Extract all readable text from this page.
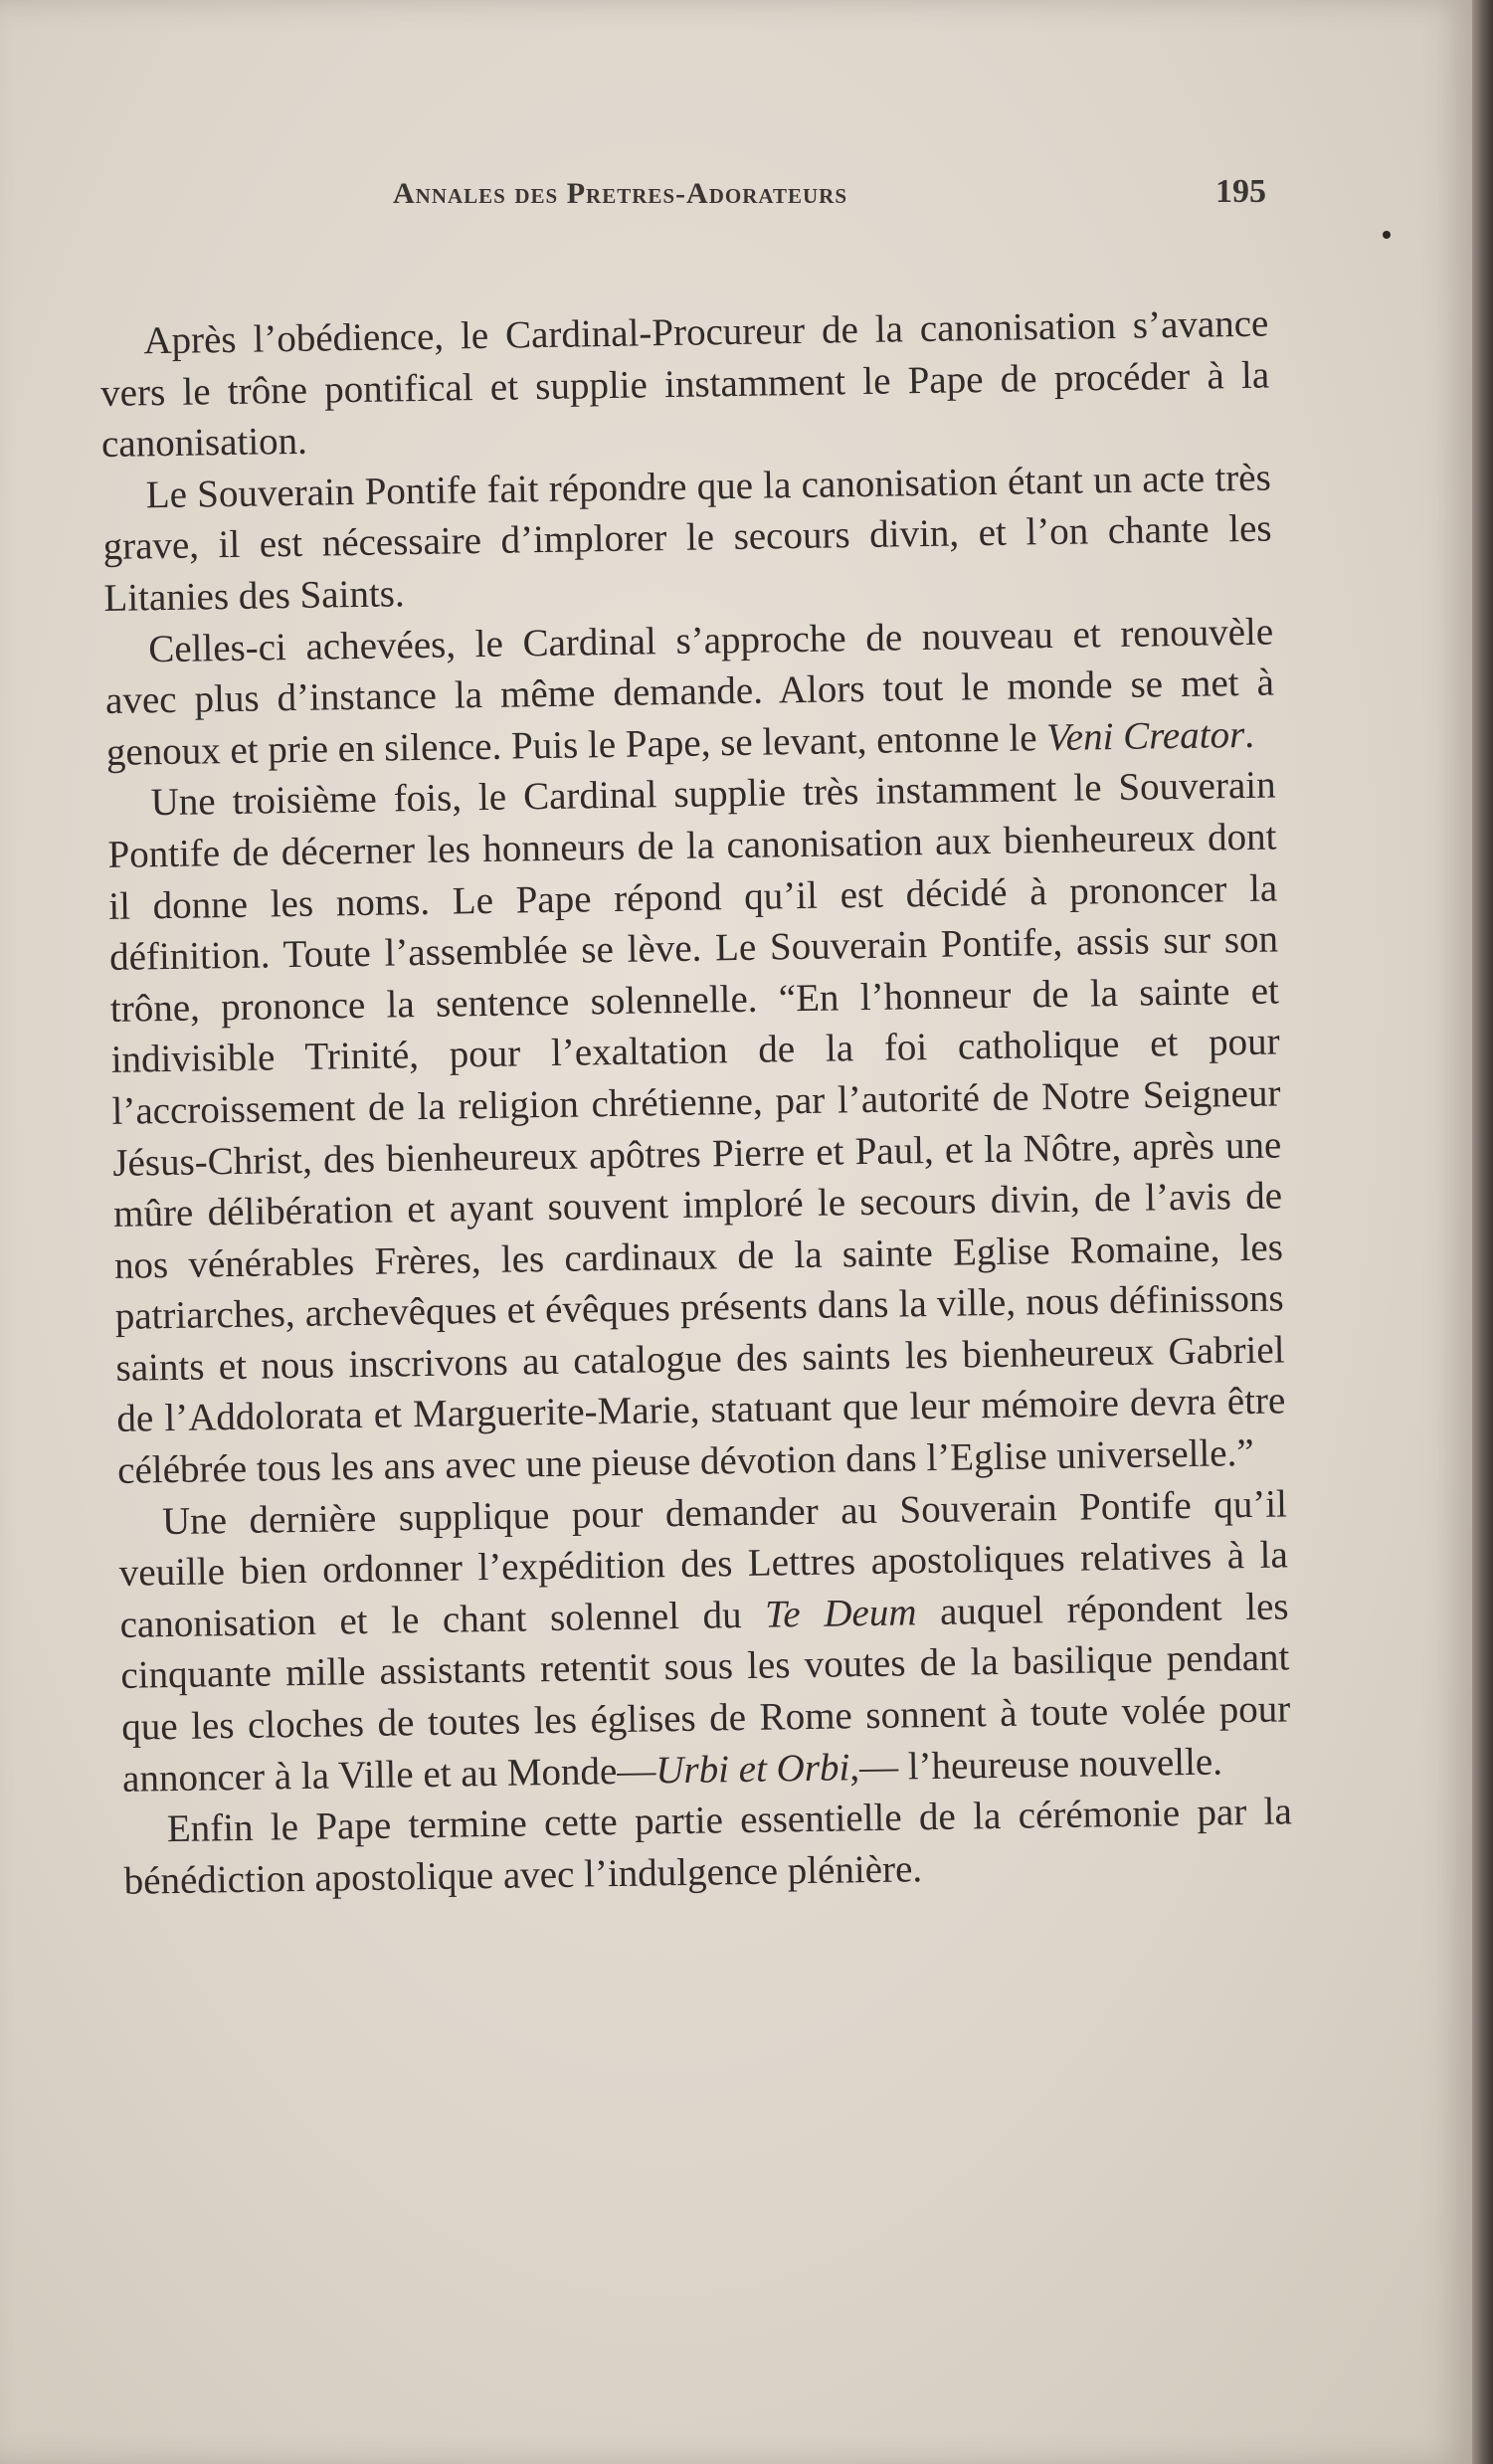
Annales des Pretres-Adorateurs	195

Après l’obédience, le Cardinal-Procureur de la canonisation s’avance vers le trône pontifical et supplie instamment le Pape de procéder à la canonisation.

Le Souverain Pontife fait répondre que la canonisation étant un acte très grave, il est nécessaire d’implorer le secours divin, et l’on chante les Litanies des Saints.

Celles-ci achevées, le Cardinal s’approche de nouveau et renouvèle avec plus d’instance la même demande. Alors tout le monde se met à genoux et prie en silence. Puis le Pape, se levant, entonne le Veni Creator.

Une troisième fois, le Cardinal supplie très instamment le Souverain Pontife de décerner les honneurs de la canonisation aux bienheureux dont il donne les noms. Le Pape répond qu’il est décidé à prononcer la définition. Toute l’assemblée se lève. Le Souverain Pontife, assis sur son trône, prononce la sentence solennelle. “En l’honneur de la sainte et indivisible Trinité, pour l’exaltation de la foi catholique et pour l’accroissement de la religion chrétienne, par l’autorité de Notre Seigneur Jésus-Christ, des bienheureux apôtres Pierre et Paul, et la Nôtre, après une mûre délibération et ayant souvent imploré le secours divin, de l’avis de nos vénérables Frères, les cardinaux de la sainte Eglise Romaine, les patriarches, archevêques et évêques présents dans la ville, nous définissons saints et nous inscrivons au catalogue des saints les bienheureux Gabriel de l’Addolorata et Marguerite-Marie, statuant que leur mémoire devra être célébrée tous les ans avec une pieuse dévotion dans l’Eglise universelle.”

Une dernière supplique pour demander au Souverain Pontife qu’il veuille bien ordonner l’expédition des Lettres apostoliques relatives à la canonisation et le chant solennel du Te Deum auquel répondent les cinquante mille assistants retentit sous les voutes de la basilique pendant que les cloches de toutes les églises de Rome sonnent à toute volée pour annoncer à la Ville et au Monde—Urbi et Orbi,— l’heureuse nouvelle.

Enfin le Pape termine cette partie essentielle de la cérémonie par la bénédiction apostolique avec l’indulgence plénière.
